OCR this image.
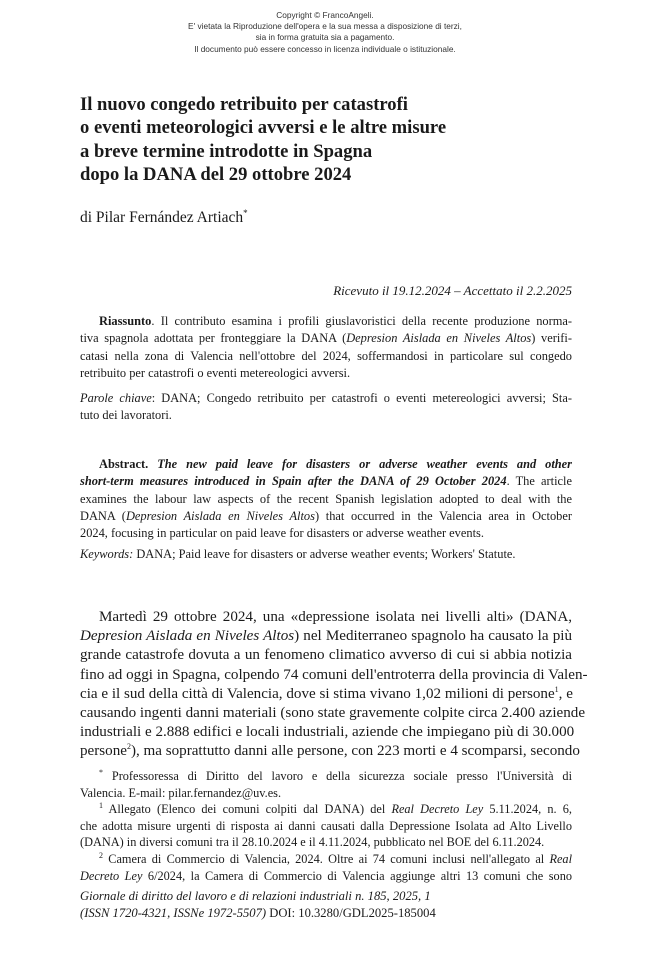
Copyright © FrancoAngeli.
E' vietata la Riproduzione dell'opera e la sua messa a disposizione di terzi,
sia in forma gratuita sia a pagamento.
Il documento può essere concesso in licenza individuale o istituzionale.
Il nuovo congedo retribuito per catastrofi
o eventi meteorologici avversi e le altre misure
a breve termine introdotte in Spagna
dopo la DANA del 29 ottobre 2024
di Pilar Fernández Artiach*
Ricevuto il 19.12.2024 – Accettato il 2.2.2025
Riassunto. Il contributo esamina i profili giuslavoristici della recente produzione norma-
tiva spagnola adottata per fronteggiare la DANA (Depresion Aislada en Niveles Altos) verifi-
catasi nella zona di Valencia nell'ottobre del 2024, soffermandosi in particolare sul congedo
retribuito per catastrofi o eventi metereologici avversi.
Parole chiave: DANA; Congedo retribuito per catastrofi o eventi metereologici avversi; Sta-
tuto dei lavoratori.
Abstract. The new paid leave for disasters or adverse weather events and other
short-term measures introduced in Spain after the DANA of 29 October 2024. The article
examines the labour law aspects of the recent Spanish legislation adopted to deal with the
DANA (Depresion Aislada en Niveles Altos) that occurred in the Valencia area in October
2024, focusing in particular on paid leave for disasters or adverse weather events.
Keywords: DANA; Paid leave for disasters or adverse weather events; Workers' Statute.
Martedì 29 ottobre 2024, una «depressione isolata nei livelli alti» (DANA,
Depresion Aislada en Niveles Altos) nel Mediterraneo spagnolo ha causato la più
grande catastrofe dovuta a un fenomeno climatico avverso di cui si abbia notizia
fino ad oggi in Spagna, colpendo 74 comuni dell'entroterra della provincia di Valen-
cia e il sud della città di Valencia, dove si stima vivano 1,02 milioni di persone$^1$, e
causando ingenti danni materiali (sono state gravemente colpite circa 2.400 aziende
industriali e 2.888 edifici e locali industriali, aziende che impiegano più di 30.000
persone$^2$), ma soprattutto danni alle persone, con 223 morti e 4 scomparsi, secondo
* Professoressa di Diritto del lavoro e della sicurezza sociale presso l'Università di
Valencia. E-mail: pilar.fernandez@uv.es.
$^1$ Allegato (Elenco dei comuni colpiti dal DANA) del Real Decreto Ley 5.11.2024, n. 6,
che adotta misure urgenti di risposta ai danni causati dalla Depressione Isolata ad Alto Livello
(DANA) in diversi comuni tra il 28.10.2024 e il 4.11.2024, pubblicato nel BOE del 6.11.2024.
$^2$ Camera di Commercio di Valencia, 2024. Oltre ai 74 comuni inclusi nell'allegato al Real
Decreto Ley 6/2024, la Camera di Commercio di Valencia aggiunge altri 13 comuni che sono
Giornale di diritto del lavoro e di relazioni industriali n. 185, 2025, 1
(ISSN 1720-4321, ISSNe 1972-5507) DOI: 10.3280/GDL2025-185004
